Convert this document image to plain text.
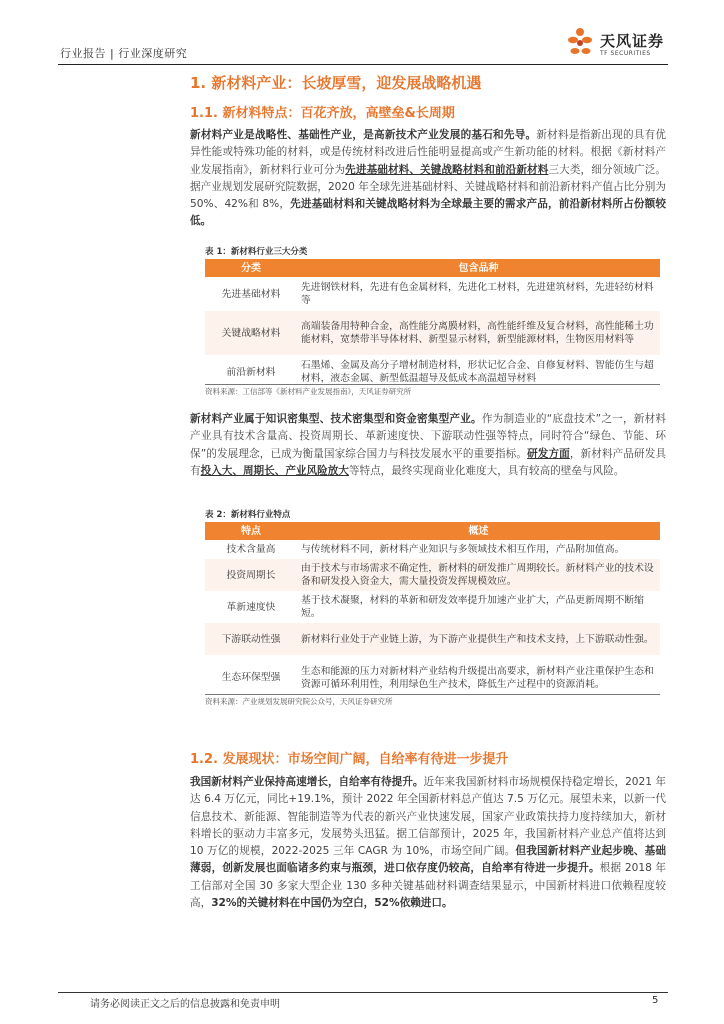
行业报告 | 行业深度研究
天风证券
TF SECURITIES
1. 新材料产业：长坡厚雪，迎发展战略机遇
1.1. 新材料特点：百花齐放，高壁垒&长周期
新材料产业是战略性、基础性产业，是高新技术产业发展的基石和先导。新材料是指新出现的具有优异性能或特殊功能的材料，或是传统材料改进后性能明显提高或产生新功能的材料。根据《新材料产业发展指南》，新材料行业可分为先进基础材料、关键战略材料和前沿新材料三大类，细分领域广泛。据产业规划发展研究院数据，2020 年全球先进基础材料、关键战略材料和前沿新材料产值占比分别为 50%、42%和 8%，先进基础材料和关键战略材料为全球最主要的需求产品，前沿新材料所占份额较低。
表 1：新材料行业三大分类
分类	包含品种
先进基础材料	先进钢铁材料，先进有色金属材料，先进化工材料，先进建筑材料，先进轻纺材料等
关键战略材料	高端装备用特种合金，高性能分离膜材料，高性能纤维及复合材料，高性能稀土功能材料，宽禁带半导体材料、新型显示材料，新型能源材料，生物医用材料等
前沿新材料	石墨烯、金属及高分子增材制造材料，形状记忆合金、自修复材料、智能仿生与超材料，液态金属、新型低温超导及低成本高温超导材料
资料来源：工信部等《新材料产业发展指南》，天风证券研究所
新材料产业属于知识密集型、技术密集型和资金密集型产业。作为制造业的“底盘技术”之一，新材料产业具有技术含量高、投资周期长、革新速度快、下游联动性强等特点，同时符合“绿色、节能、环保”的发展理念，已成为衡量国家综合国力与科技发展水平的重要指标。研发方面，新材料产品研发具有投入大、周期长、产业风险放大等特点，最终实现商业化难度大，具有较高的壁垒与风险。
表 2：新材料行业特点
特点	概述
技术含量高	与传统材料不同，新材料产业知识与多领域技术相互作用，产品附加值高。
投资周期长	由于技术与市场需求不确定性，新材料的研发推广周期较长。新材料产业的技术设备和研发投入资金大，需大量投资发挥规模效应。
革新速度快	基于技术凝聚，材料的革新和研发效率提升加速产业扩大，产品更新周期不断缩短。
下游联动性强	新材料行业处于产业链上游，为下游产业提供生产和技术支持，上下游联动性强。
生态环保型强	生态和能源的压力对新材料产业结构升级提出高要求，新材料产业注重保护生态和资源可循环利用性，利用绿色生产技术，降低生产过程中的资源消耗。
资料来源：产业规划发展研究院公众号，天风证券研究所
1.2. 发展现状：市场空间广阔，自给率有待进一步提升
我国新材料产业保持高速增长，自给率有待提升。近年来我国新材料市场规模保持稳定增长，2021 年达 6.4 万亿元，同比+19.1%，预计 2022 年全国新材料总产值达 7.5 万亿元。展望未来，以新一代信息技术、新能源、智能制造等为代表的新兴产业快速发展，国家产业政策扶持力度持续加大，新材料增长的驱动力丰富多元，发展势头迅猛。据工信部预计，2025 年，我国新材料产业总产值将达到 10 万亿的规模，2022-2025 三年 CAGR 为 10%，市场空间广阔。但我国新材料产业起步晚、基础薄弱，创新发展也面临诸多约束与瓶颈，进口依存度仍较高，自给率有待进一步提升。根据 2018 年工信部对全国 30 多家大型企业 130 多种关键基础材料调查结果显示，中国新材料进口依赖程度较高，32%的关键材料在中国仍为空白，52%依赖进口。
请务必阅读正文之后的信息披露和免责申明	5
